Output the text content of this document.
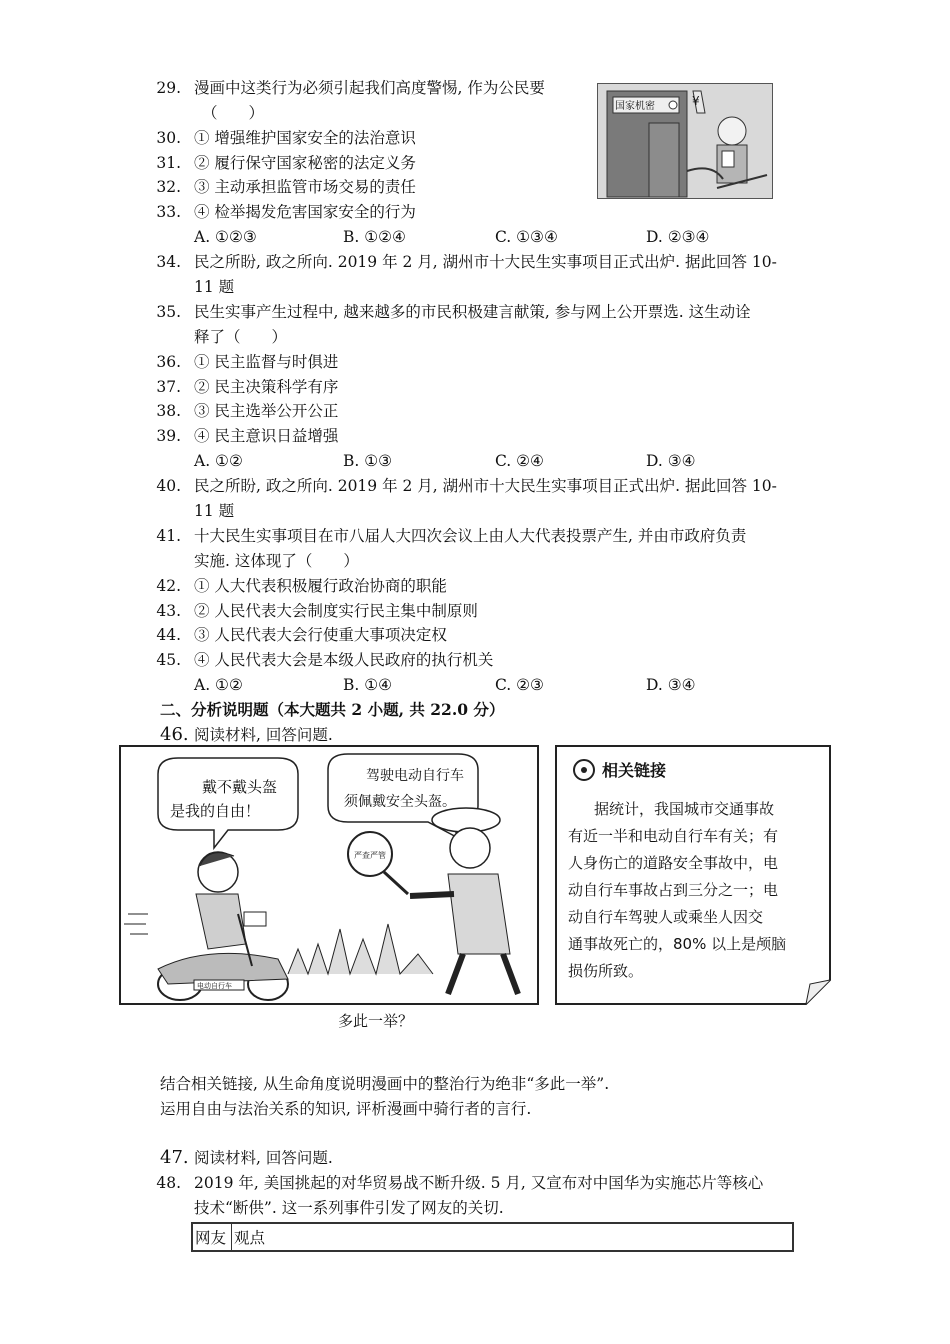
29. 漫画中这类行为必须引起我们高度警惕, 作为公民要
（　　）	国家机密	¥
30. ① 增强维护国家安全的法治意识
31. ② 履行保守国家秘密的法定义务
32. ③ 主动承担监管市场交易的责任
33. ④ 检举揭发危害国家安全的行为
A. ①②③	B. ①②④	C. ①③④	D. ②③④
34. 民之所盼, 政之所向. 2019 年 2 月, 湖州市十大民生实事项目正式出炉. 据此回答 10-
11 题
35. 民生实事产生过程中, 越来越多的市民积极建言献策, 参与网上公开票选. 这生动诠
释了（　　）
36. ① 民主监督与时俱进
37. ② 民主决策科学有序
38. ③ 民主选举公开公正
39. ④ 民主意识日益增强
A. ①②	B. ①③	C. ②④	D. ③④
40. 民之所盼, 政之所向. 2019 年 2 月, 湖州市十大民生实事项目正式出炉. 据此回答 10-
11 题
41. 十大民生实事项目在市八届人大四次会议上由人大代表投票产生, 并由市政府负责
实施. 这体现了（　　）
42. ① 人大代表积极履行政治协商的职能
43. ② 人民代表大会制度实行民主集中制原则
44. ③ 人民代表大会行使重大事项决定权
45. ④ 人民代表大会是本级人民政府的执行机关
A. ①②	B. ①④	C. ②③	D. ③④
二、分析说明题（本大题共 2 小题, 共 22.0 分）
46. 阅读材料, 回答问题.
戴不戴头盔
是我的自由！
驾驶电动自行车
须佩戴安全头盔。
电动自行车
严查严管
相关链接
据统计，我国城市交通事故
有近一半和电动自行车有关；有
人身伤亡的道路安全事故中，电
动自行车事故占到三分之一；电
动自行车驾驶人或乘坐人因交
通事故死亡的，80% 以上是颅脑
损伤所致。
多此一举？
结合相关链接, 从生命角度说明漫画中的整治行为绝非“多此一举”.
运用自由与法治关系的知识, 评析漫画中骑行者的言行.
47. 阅读材料, 回答问题.
48. 2019 年, 美国挑起的对华贸易战不断升级. 5 月, 又宣布对中国华为实施芯片等核心
技术“断供”. 这一系列事件引发了网友的关切.
网友	观点
